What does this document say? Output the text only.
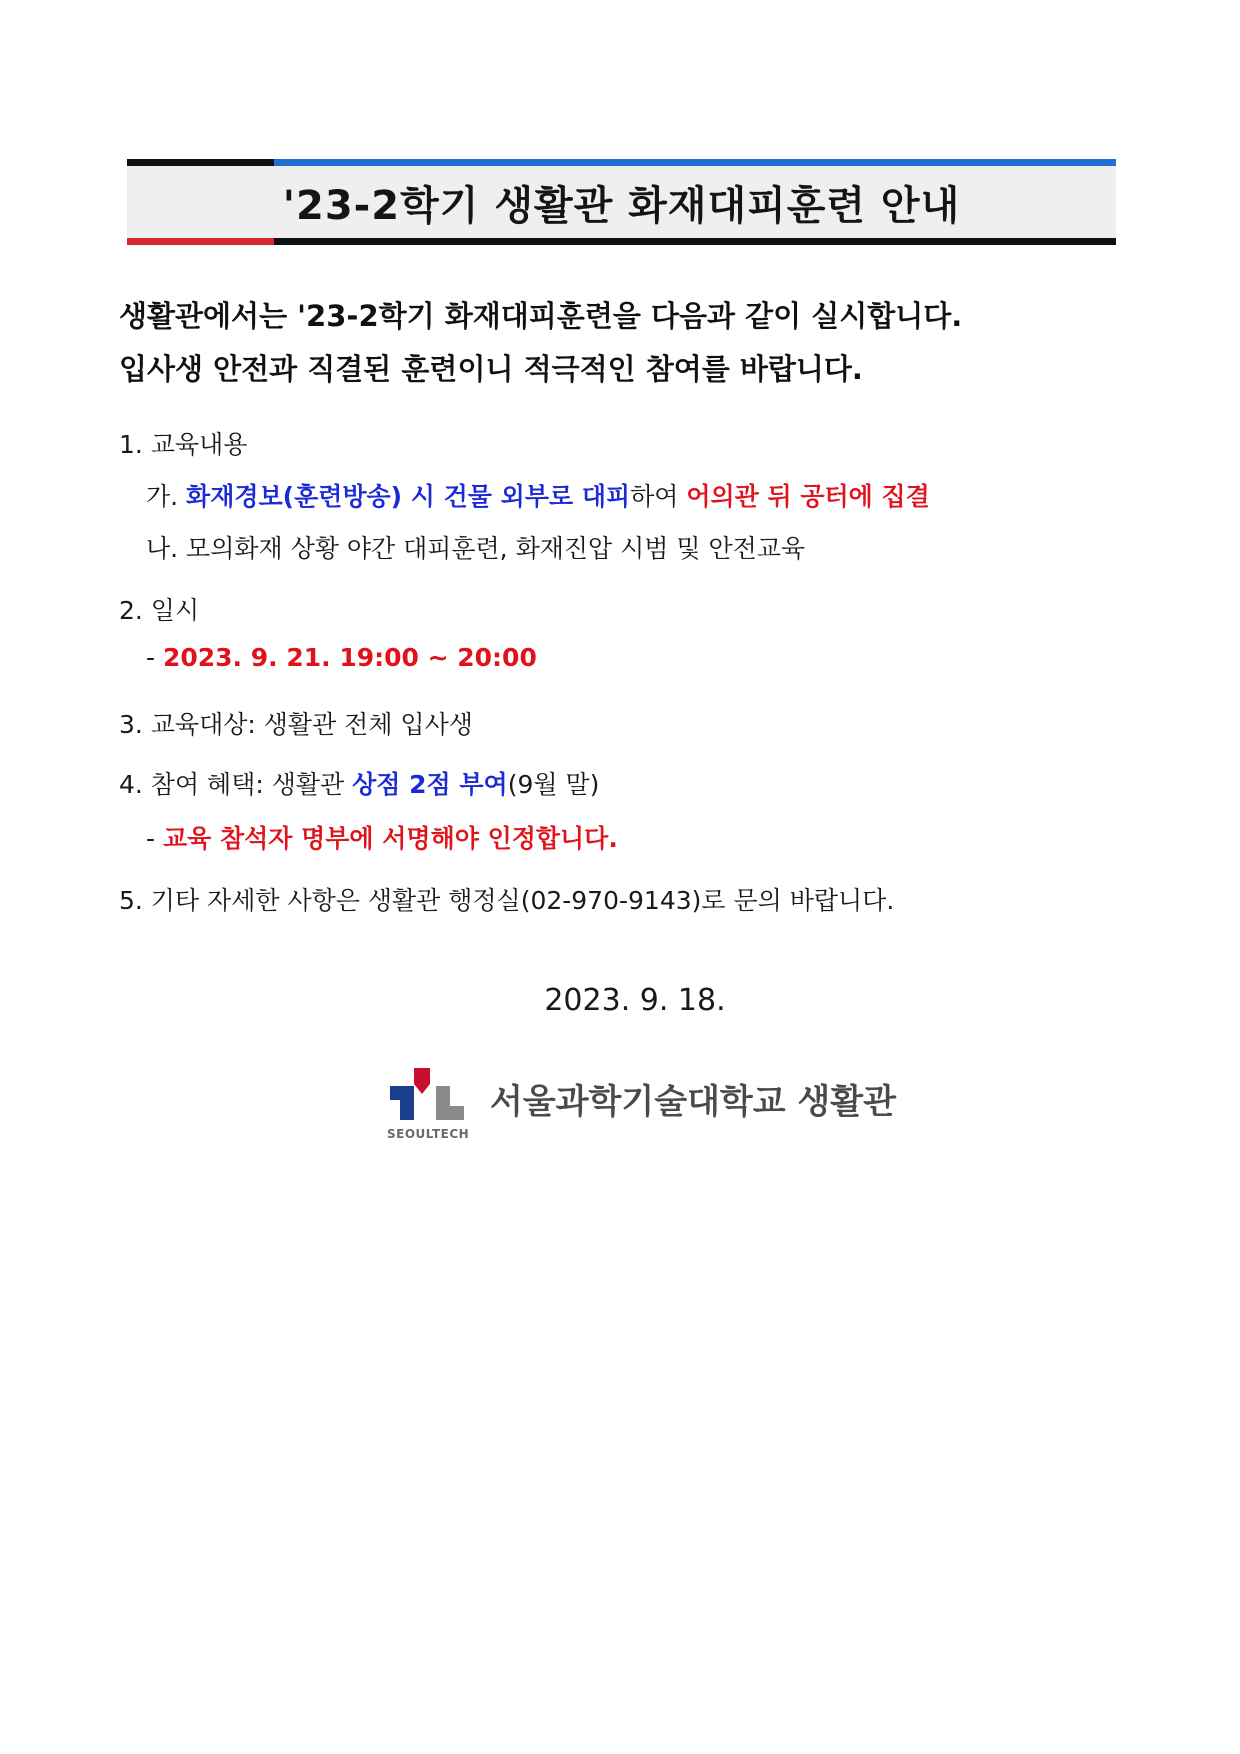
'23-2학기 생활관 화재대피훈련 안내
생활관에서는 '23-2학기 화재대피훈련을 다음과 같이 실시합니다.
입사생 안전과 직결된 훈련이니 적극적인 참여를 바랍니다.
1. 교육내용
가. 화재경보(훈련방송) 시 건물 외부로 대피하여 어의관 뒤 공터에 집결
나. 모의화재 상황 야간 대피훈련, 화재진압 시범 및 안전교육
2. 일시
- 2023. 9. 21. 19:00 ~ 20:00
3. 교육대상: 생활관 전체 입사생
4. 참여 혜택: 생활관 상점 2점 부여(9월 말)
- 교육 참석자 명부에 서명해야 인정합니다.
5. 기타 자세한 사항은 생활관 행정실(02-970-9143)로 문의 바랍니다.
2023. 9. 18.
서울과학기술대학교 생활관
SEOULTECH
